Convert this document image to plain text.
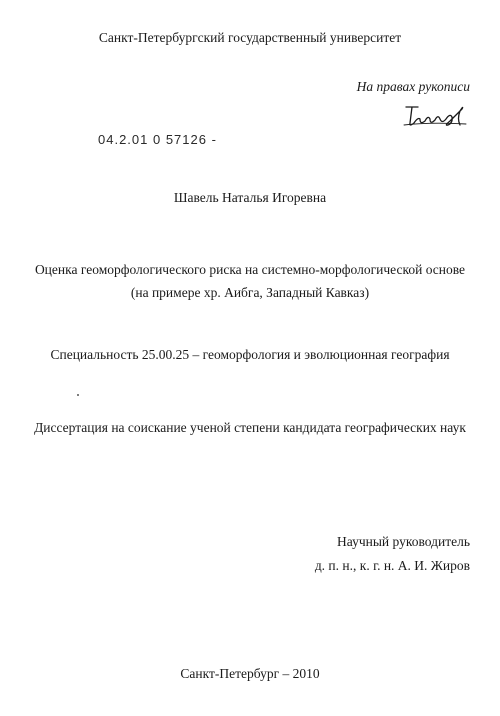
Санкт-Петербургский государственный университет
На правах рукописи
04.2.01 0 57126 -
Шавель Наталья Игоревна
Оценка геоморфологического риска на системно-морфологической основе
(на примере хр. Аибга, Западный Кавказ)
Специальность 25.00.25 – геоморфология и эволюционная география
Диссертация на соискание ученой степени кандидата географических наук
Научный руководитель
д. п. н., к. г. н. А. И. Жиров
Санкт-Петербург – 2010
